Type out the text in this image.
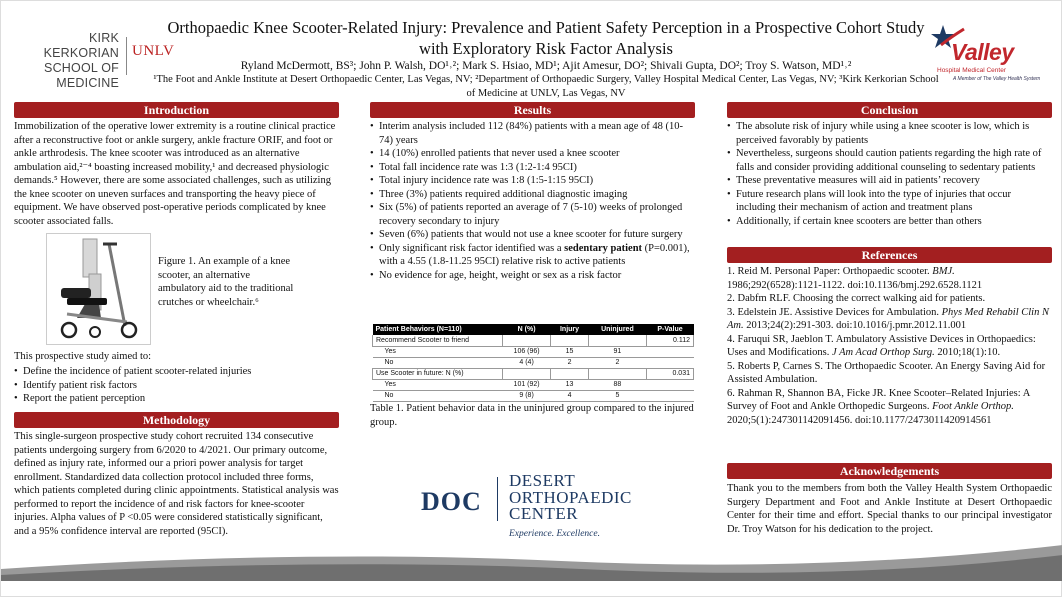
KIRK KERKORIAN SCHOOL OF MEDICINE
UNLV
Orthopaedic Knee Scooter-Related Injury: Prevalence and Patient Safety Perception in a Prospective Cohort Study with Exploratory Risk Factor Analysis
Ryland McDermott, BS³; John P. Walsh, DO¹˒²; Mark S. Hsiao, MD¹; Ajit Amesur, DO²; Shivali Gupta, DO²; Troy S. Watson, MD¹˒²
¹The Foot and Ankle Institute at Desert Orthopaedic Center, Las Vegas, NV; ²Department of Orthopaedic Surgery, Valley Hospital Medical Center, Las Vegas, NV; ³Kirk Kerkorian School of Medicine at UNLV, Las Vegas, NV
Valley
Hospital Medical Center
A Member of The Valley Health System
Introduction
Immobilization of the operative lower extremity is a routine clinical practice after a reconstructive foot or ankle surgery, ankle fracture ORIF, and foot or ankle arthrodesis. The knee scooter was introduced as an alternative ambulation aid,²⁻⁴ boasting increased mobility,¹ and decreased physiologic demands.⁵ However, there are some associated challenges, such as utilizing the knee scooter on uneven surfaces and transporting the heavy piece of equipment. We have observed post-operative periods complicated by knee scooter associated falls.
Figure 1. An example of a knee scooter, an alternative ambulatory aid to the traditional crutches or wheelchair.⁶
This prospective study aimed to:
• Define the incidence of patient scooter-related injuries
• Identify patient risk factors
• Report the patient perception
Methodology
This single-surgeon prospective study cohort recruited 134 consecutive patients undergoing surgery from 6/2020 to 4/2021. Our primary outcome, defined as injury rate, informed our a priori power analysis for target enrollment. Standardized data collection protocol included three forms, which patients completed during clinic appointments. Statistical analysis was performed to report the incidence of and risk factors for knee-scooter injuries. Alpha values of P <0.05 were considered statistically significant, and a 95% confidence interval are reported (95CI).
Results
• Interim analysis included 112 (84%) patients with a mean age of 48 (10-74) years
• 14 (10%) enrolled patients that never used a knee scooter
• Total fall incidence rate was 1:3 (1:2-1:4 95CI)
• Total injury incidence rate was 1:8 (1:5-1:15 95CI)
• Three (3%) patients required additional diagnostic imaging
• Six (5%) of patients reported an average of 7 (5-10) weeks of prolonged recovery secondary to injury
• Seven (6%) patients that would not use a knee scooter for future surgery
• Only significant risk factor identified was a sedentary patient (P=0.001), with a 4.55 (1.8-11.25 95CI) relative risk to active patients
• No evidence for age, height, weight or sex as a risk factor
Patient Behaviors (N=110)	N (%)	Injury	Uninjured	P-Value
Recommend Scooter to friend				0.112
Yes	106 (96)	15	91	
No	4 (4)	2	2	
Use Scooter in future: N (%)				0.031
Yes	101 (92)	13	88	
No	9 (8)	4	5	
Table 1. Patient behavior data in the uninjured group compared to the injured group.
DOC
DESERT
ORTHOPAEDIC
CENTER
Experience. Excellence.
Conclusion
• The absolute risk of injury while using a knee scooter is low, which is perceived favorably by patients
• Nevertheless, surgeons should caution patients regarding the high rate of falls and consider providing additional counseling to sedentary patients
• These preventative measures will aid in patients’ recovery
• Future research plans will look into the type of injuries that occur including their mechanism of action and treatment plans
• Additionally, if certain knee scooters are better than others
References
1. Reid M. Personal Paper: Orthopaedic scooter. BMJ. 1986;292(6528):1121-1122. doi:10.1136/bmj.292.6528.1121
2. Dabfm RLF. Choosing the correct walking aid for patients.
3. Edelstein JE. Assistive Devices for Ambulation. Phys Med Rehabil Clin N Am. 2013;24(2):291-303. doi:10.1016/j.pmr.2012.11.001
4. Faruqui SR, Jaeblon T. Ambulatory Assistive Devices in Orthopaedics: Uses and Modifications. J Am Acad Orthop Surg. 2010;18(1):10.
5. Roberts P, Carnes S. The Orthopaedic Scooter. An Energy Saving Aid for Assisted Ambulation.
6. Rahman R, Shannon BA, Ficke JR. Knee Scooter–Related Injuries: A Survey of Foot and Ankle Orthopedic Surgeons. Foot Ankle Orthop. 2020;5(1):247301142091456. doi:10.1177/2473011420914561
Acknowledgements
Thank you to the members from both the Valley Health System Orthopaedic Surgery Department and Foot and Ankle Institute at Desert Orthopaedic Center for their time and effort. Special thanks to our principal investigator Dr. Troy Watson for his dedication to the project.
